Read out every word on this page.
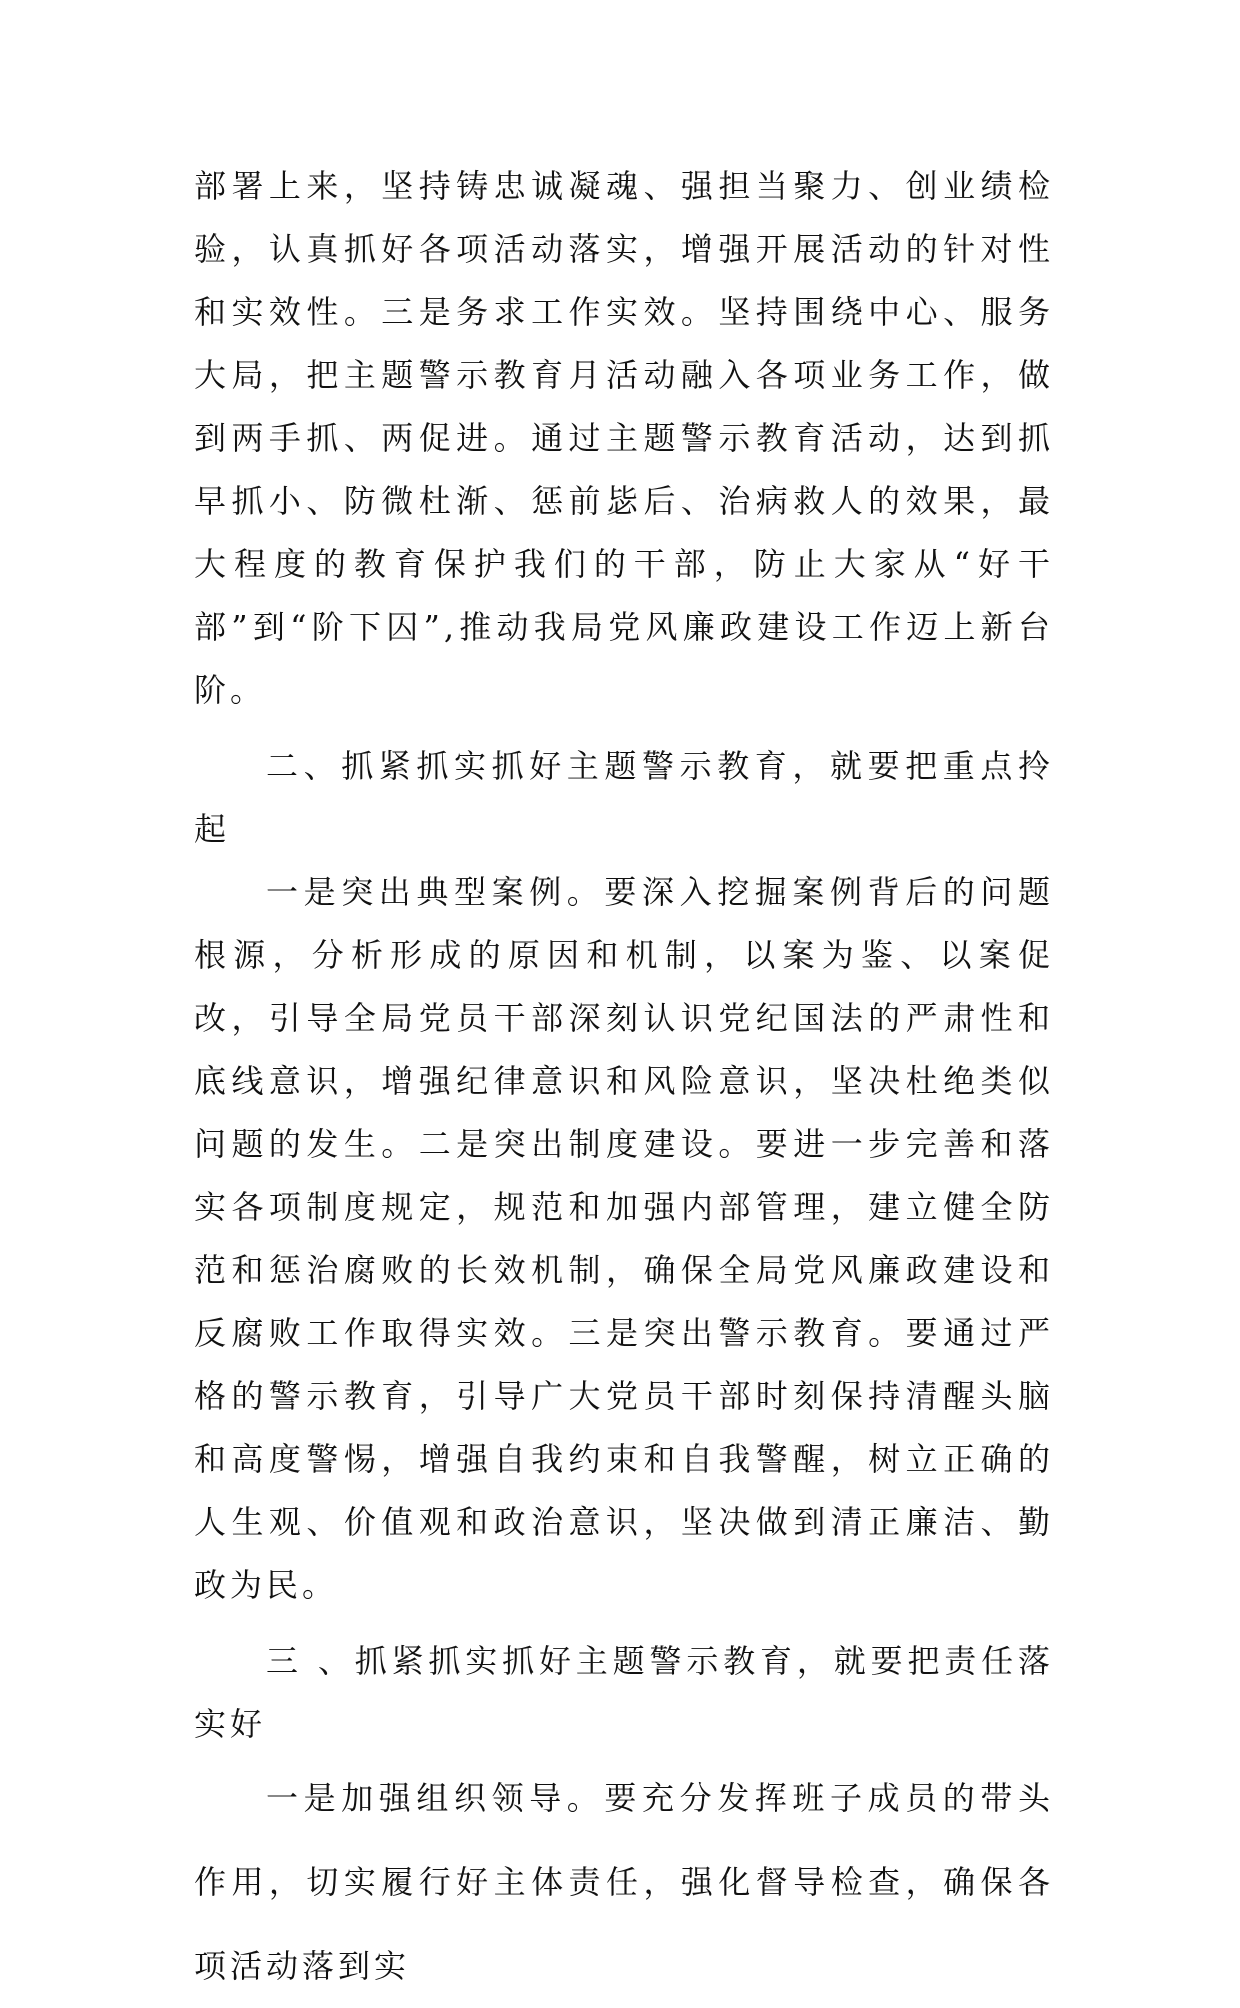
部署上来，坚持铸忠诚凝魂、强担当聚力、创业绩检验，认真抓好各项活动落实，增强开展活动的针对性和实效性。三是务求工作实效。坚持围绕中心、服务大局，把主题警示教育月活动融入各项业务工作，做到两手抓、两促进。通过主题警示教育活动，达到抓早抓小、防微杜渐、惩前毖后、治病救人的效果，最大程度的教育保护我们的干部，防止大家从“好干部”到“阶下囚”,推动我局党风廉政建设工作迈上新台阶。

二、抓紧抓实抓好主题警示教育，就要把重点拎起

一是突出典型案例。要深入挖掘案例背后的问题根源，分析形成的原因和机制，以案为鉴、以案促改，引导全局党员干部深刻认识党纪国法的严肃性和底线意识，增强纪律意识和风险意识，坚决杜绝类似问题的发生。二是突出制度建设。要进一步完善和落实各项制度规定，规范和加强内部管理，建立健全防范和惩治腐败的长效机制，确保全局党风廉政建设和反腐败工作取得实效。三是突出警示教育。要通过严格的警示教育，引导广大党员干部时刻保持清醒头脑和高度警惕，增强自我约束和自我警醒，树立正确的人生观、价值观和政治意识，坚决做到清正廉洁、勤政为民。

三 、抓紧抓实抓好主题警示教育，就要把责任落实好

一是加强组织领导。要充分发挥班子成员的带头作用，切实履行好主体责任，强化督导检查，确保各项活动落到实
